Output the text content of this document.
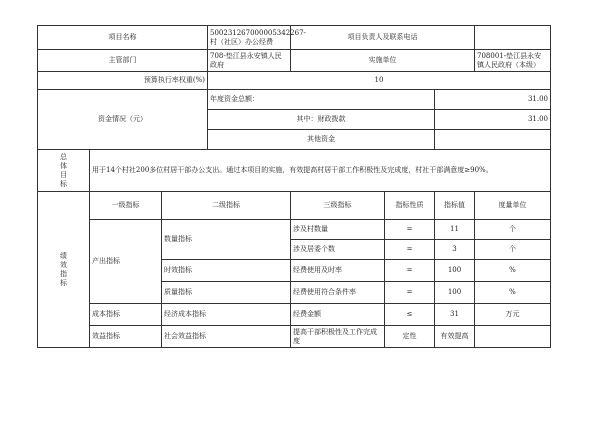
项目名称			500231267000005342267-村（社区）办公经费	项目负责人及联系电话				
主管部门			708-垫江县永安镇人民政府	实施单位			708001-垫江县永安镇人民政府（本级）	
预算执行率权重(%)			10					
资金情况（元）			年度资金总额：			31.00		
			其中：财政拨款			31.00		
			其他资金					
总体目标	用于14个村社200多位村居干部办公支出。通过本项目的实施，有效提高村居干部工作积极性及完成度，村社干部满意度≥90%。							
绩效指标	一级指标	二级指标		三级指标	指标性质	指标值	度量单位	
	产出指标	数量指标		涉及村数量	=	11	个	
				涉及居委个数	=	3	个	
		时效指标		经费使用及时率	=	100	%	
		质量指标		经费使用符合条件率	=	100	%	
	成本指标	经济成本指标		经费金额	≤	31	万元	
	效益指标	社会效益指标		提高干部积极性及工作完成度	定性	有效提高		
